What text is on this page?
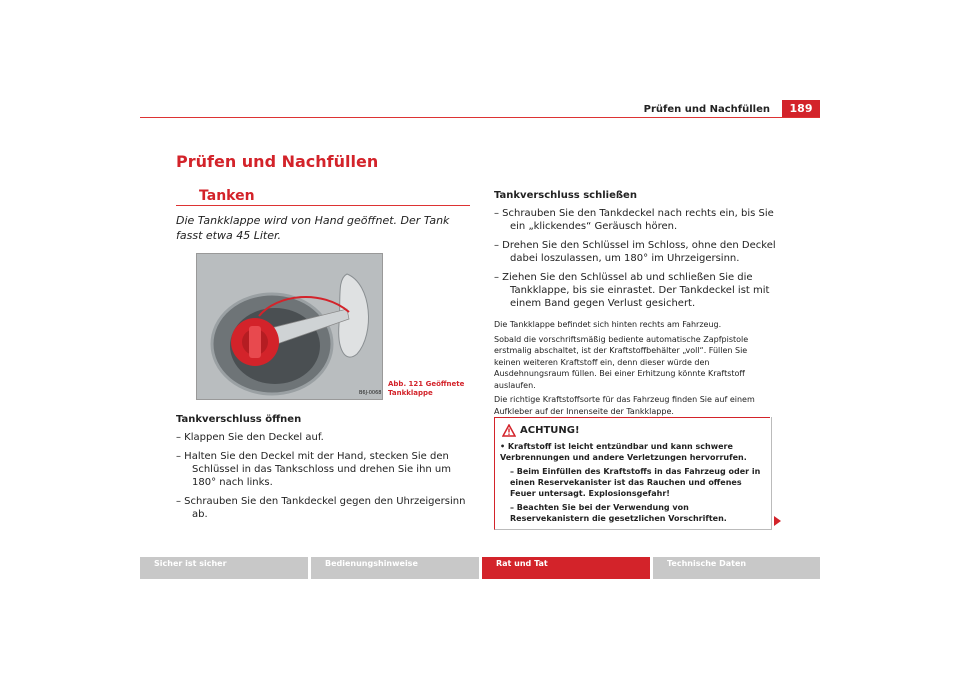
Prüfen und Nachfüllen	189
Prüfen und Nachfüllen
Tanken
Die Tankklappe wird von Hand geöffnet. Der Tank fasst etwa 45 Liter.
B6J-0068
Abb. 121 Geöffnete
Tankklappe
Tankverschluss öffnen

– Klappen Sie den Deckel auf.

– Halten Sie den Deckel mit der Hand, stecken Sie den Schlüssel in das Tankschloss und drehen Sie ihn um 180° nach links.

– Schrauben Sie den Tankdeckel gegen den Uhrzeigersinn ab.

Tankverschluss schließen

– Schrauben Sie den Tankdeckel nach rechts ein, bis Sie ein „klickendes“ Geräusch hören.

– Drehen Sie den Schlüssel im Schloss, ohne den Deckel dabei loszulassen, um 180° im Uhrzeigersinn.

– Ziehen Sie den Schlüssel ab und schließen Sie die Tankklappe, bis sie einrastet. Der Tankdeckel ist mit einem Band gegen Verlust gesichert.

Die Tankklappe befindet sich hinten rechts am Fahrzeug.

Sobald die vorschriftsmäßig bediente automatische Zapfpistole erstmalig abschaltet, ist der Kraftstoffbehälter „voll“. Füllen Sie keinen weiteren Kraftstoff ein, denn dieser würde den Ausdehnungsraum füllen. Bei einer Erhitzung könnte Kraftstoff auslaufen.

Die richtige Kraftstoffsorte für das Fahrzeug finden Sie auf einem Aufkleber auf der Innenseite der Tankklappe.

ACHTUNG!

• Kraftstoff ist leicht entzündbar und kann schwere Verbrennungen und andere Verletzungen hervorrufen.

– Beim Einfüllen des Kraftstoffs in das Fahrzeug oder in einen Reservekanister ist das Rauchen und offenes Feuer untersagt. Explosionsgefahr!

– Beachten Sie bei der Verwendung von Reservekanistern die gesetzlichen Vorschriften.

Sicher ist sicher	Bedienungshinweise	Rat und Tat	Technische Daten
